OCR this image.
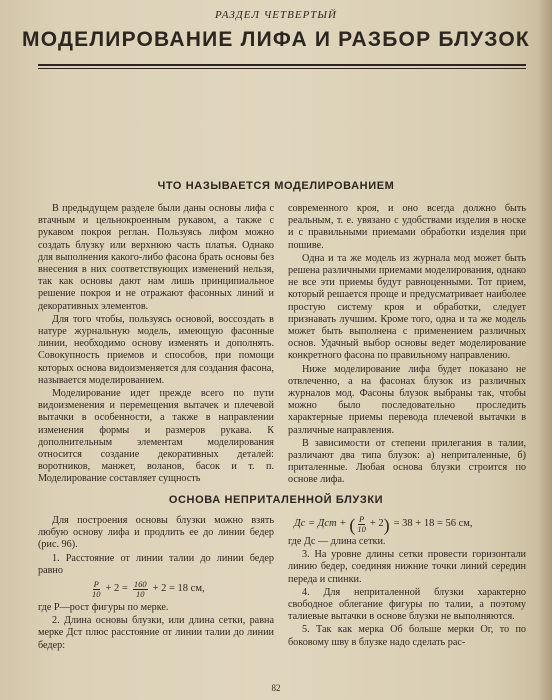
РАЗДЕЛ ЧЕТВЕРТЫЙ
МОДЕЛИРОВАНИЕ ЛИФА И РАЗБОР БЛУЗОК
ЧТО НАЗЫВАЕТСЯ МОДЕЛИРОВАНИЕМ

В предыдущем разделе были даны основы лифа с втачным и цельнокроенным рукавом, а также с рукавом покроя реглан. Пользуясь лифом можно создать блузку или верхнюю часть платья. Однако для выполнения какого-либо фасона брать основы без внесения в них соответствующих изменений нельзя, так как основы дают нам лишь принципиальное решение покроя и не отражают фасонных линий и декоративных элементов.

Для того чтобы, пользуясь основой, воссоздать в натуре журнальную модель, имеющую фасонные линии, необходимо основу изменять и дополнять. Совокупность приемов и способов, при помощи которых основа видоизменяется для создания фасона, называется моделированием.

Моделирование идет прежде всего по пути видоизменения и перемещения вытачек и плечевой вытачки в особенности, а также в направлении изменения формы и размеров рукава. К дополнительным элементам моделирования относится создание декоративных деталей: воротников, манжет, воланов, басок и т. п. Моделирование составляет сущность

современного кроя, и оно всегда должно быть реальным, т. е. увязано с удобствами изделия в носке и с правильными приемами обработки изделия при пошиве.

Одна и та же модель из журнала мод может быть решена различными приемами моделирования, однако не все эти приемы будут равноценными. Тот прием, который решается проще и предусматривает наиболее простую систему кроя и обработки, следует признавать лучшим. Кроме того, одна и та же модель может быть выполнена с применением различных основ. Удачный выбор основы ведет моделирование конкретного фасона по правильному направлению.

Ниже моделирование лифа будет показано не отвлеченно, а на фасонах блузок из различных журналов мод. Фасоны блузок выбраны так, чтобы можно было последовательно проследить характерные приемы перевода плечевой вытачки в различные направления.

В зависимости от степени прилегания в талии, различают два типа блузок: а) неприталенные, б) приталенные. Любая основа блузки строится по основе лифа.

ОСНОВА НЕПРИТАЛЕННОЙ БЛУЗКИ

Для построения основы блузки можно взять любую основу лифа и продлить ее до линии бедер (рис. 96).

1. Расстояние от линии талии до линии бедер равно

$\frac{P}{10} + 2 = \frac{160}{10} + 2 = 18$ см,

где P—рост фигуры по мерке.

2. Длина основы блузки, или длина сетки, равна мерке Дст плюс расстояние от линии талии до линии бедер:

Дс = Дст + ( $\frac{P}{10} + 2$ ) = 38 + 18 = 56 см,

где Дс — длина сетки.

3. На уровне длины сетки провести горизонтали линию бедер, соединяя нижние точки линий середин переда и спинки.

4. Для неприталенной блузки характерно свободное облегание фигуры по талии, а поэтому талиевые вытачки в основе блузки не выполняются.

5. Так как мерка Об больше мерки Ог, то по боковому шву в блузке надо сделать рас-

82
